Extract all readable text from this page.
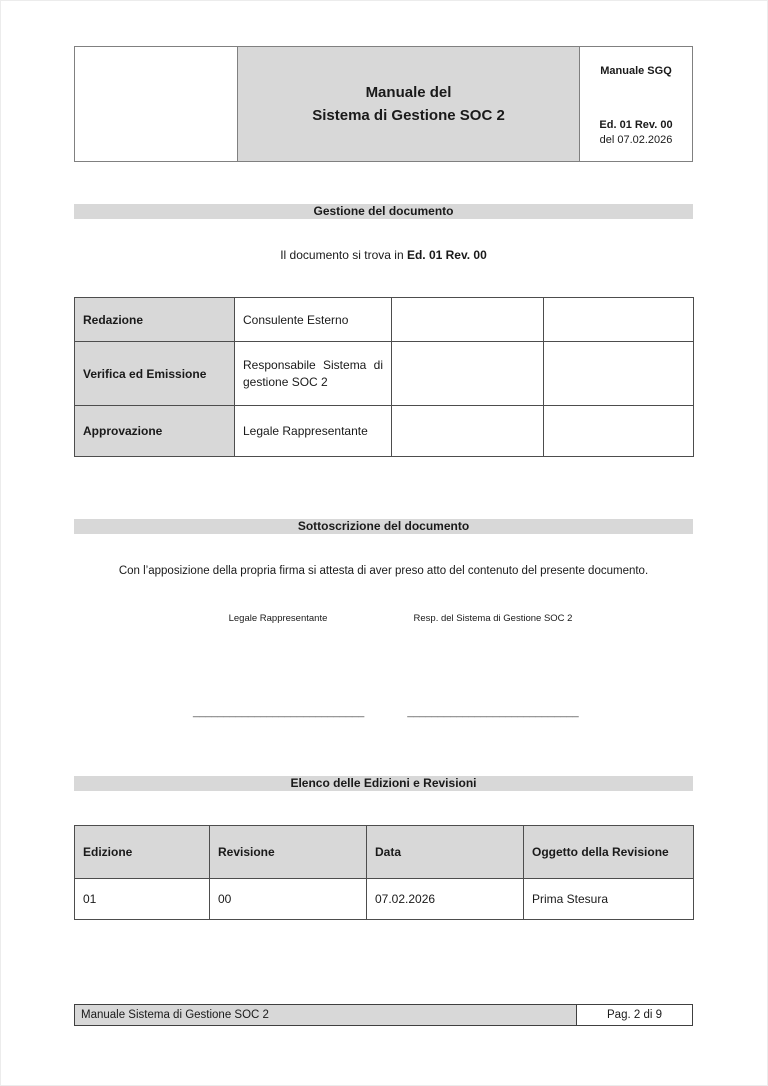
Manuale del
Sistema di Gestione SOC 2
Manuale SGQ
Ed. 01 Rev. 00
del 07.02.2026
Gestione del documento
Il documento si trova in Ed. 01 Rev. 00
Redazione	Consulente Esterno		
Verifica ed Emissione	Responsabile Sistema di gestione SOC 2		
Approvazione	Legale Rappresentante		
Sottoscrizione del documento
Con l’apposizione della propria firma si attesta di aver preso atto del contenuto del presente documento.
Legale Rappresentante	Resp. del Sistema di Gestione SOC 2
____________________________	____________________________
Elenco delle Edizioni e Revisioni
Edizione	Revisione	Data	Oggetto della Revisione
01	00	07.02.2026	Prima Stesura
Manuale Sistema di Gestione SOC 2	Pag. 2 di 9
